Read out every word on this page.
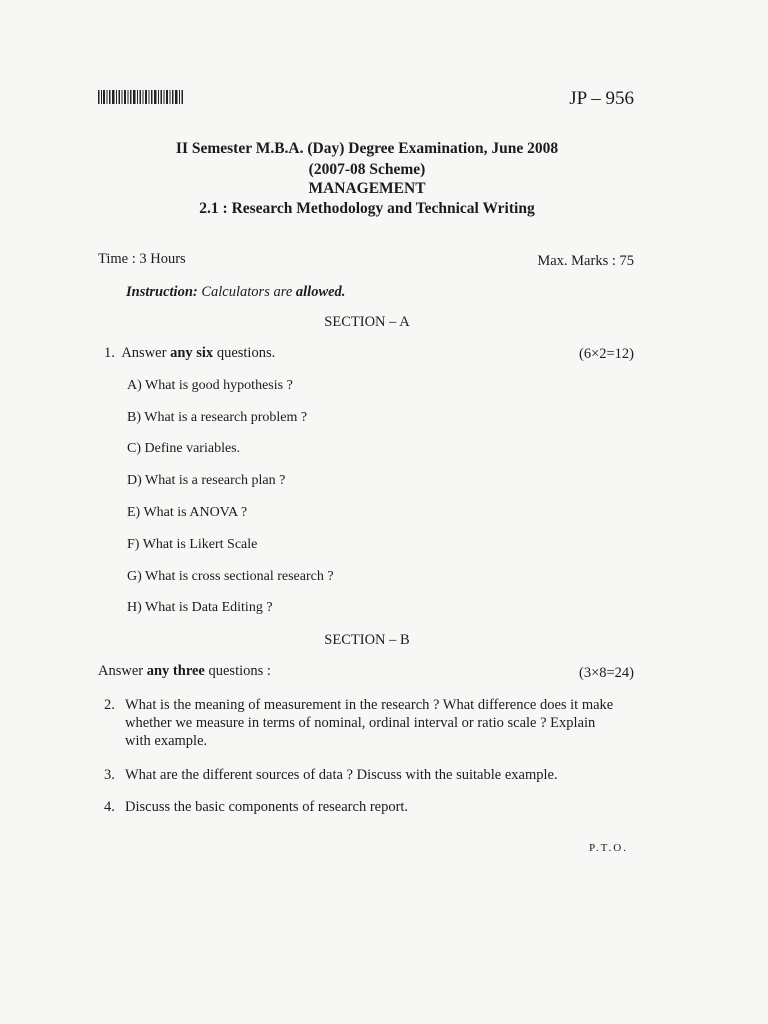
JP – 956
II Semester M.B.A. (Day) Degree Examination, June 2008
(2007-08 Scheme)
MANAGEMENT
2.1 : Research Methodology and Technical Writing
Time : 3 Hours	Max. Marks : 75
Instruction: Calculators are allowed.
SECTION – A
1. Answer any six questions.	(6×2=12)
A) What is good hypothesis ?
B) What is a research problem ?
C) Define variables.
D) What is a research plan ?
E) What is ANOVA ?
F) What is Likert Scale
G) What is cross sectional research ?
H) What is Data Editing ?
SECTION – B
Answer any three questions :	(3×8=24)
2. What is the meaning of measurement in the research ? What difference does it make whether we measure in terms of nominal, ordinal interval or ratio scale ? Explain with example.
3. What are the different sources of data ? Discuss with the suitable example.
4. Discuss the basic components of research report.
P.T.O.
